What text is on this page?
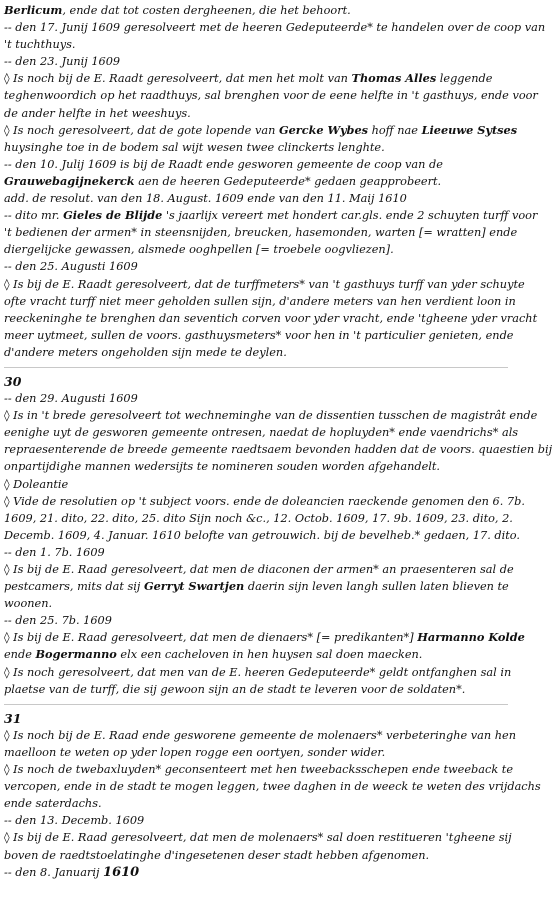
Berlicum, ende dat tot costen dergheenen, die het behoort.
-- den 17. Junij 1609 geresolveert met de heeren Gedeputeerde* te handelen over de coop van
't tuchthuys.
-- den 23. Junij 1609
◊ Is noch bij de E. Raadt geresolveert, dat men het molt van Thomas Alles leggende
teghenwoordich op het raadthuys, sal brenghen voor de eene helfte in 't gasthuys, ende voor
de ander helfte in het weeshuys.
◊ Is noch geresolveert, dat de gote lopende van Gercke Wybes hoff nae Lieeuwe Sytses
huysinghe toe in de bodem sal wijt wesen twee clinckerts lenghte.
-- den 10. Julij 1609 is bij de Raadt ende gesworen gemeente de coop van de
Grauwebagijnekerck aen de heeren Gedeputeerde* gedaen geapprobeert.
add. de resolut. van den 18. August. 1609 ende van den 11. Maij 1610
-- dito mr. Gieles de Blijde 's jaarlijx vereert met hondert car.gls. ende 2 schuyten turff voor
't bedienen der armen* in steensnijden, breucken, hasemonden, warten [= wratten] ende
diergelijcke gewassen, alsmede ooghpellen [= troebele oogvliezen].
-- den 25. Augusti 1609
◊ Is bij de E. Raadt geresolveert, dat de turffmeters* van 't gasthuys turff van yder schuyte
ofte vracht turff niet meer geholden sullen sijn, d'andere meters van hen verdient loon in
reeckeninghe te brenghen dan seventich corven voor yder vracht, ende 'tgheene yder vracht
meer uytmeet, sullen de voors. gasthuysmeters* voor hen in 't particulier genieten, ende
d'andere meters ongeholden sijn mede te deylen.
30
-- den 29. Augusti 1609
◊ Is in 't brede geresolveert tot wechneminghe van de dissentien tusschen de magistrât ende
eenighe uyt de gesworen gemeente ontresen, naedat de hopluyden* ende vaendrichs* als
repraesenterende de breede gemeente raedtsaem bevonden hadden dat de voors. quaestien bij
onpartijdighe mannen wedersijts te nomineren souden worden afgehandelt.
◊ Doleantie
◊ Vide de resolutien op 't subject voors. ende de doleancien raeckende genomen den 6. 7b.
1609, 21. dito, 22. dito, 25. dito Sijn noch &c., 12. Octob. 1609, 17. 9b. 1609, 23. dito, 2.
Decemb. 1609, 4. Januar. 1610 belofte van getrouwich. bij de bevelheb.* gedaen, 17. dito.
-- den 1. 7b. 1609
◊ Is bij de E. Raad geresolveert, dat men de diaconen der armen* an praesenteren sal de
pestcamers, mits dat sij Gerryt Swartjen daerin sijn leven langh sullen laten blieven te
woonen.
-- den 25. 7b. 1609
◊ Is bij de E. Raad geresolveert, dat men de dienaers* [= predikanten*] Harmanno Kolde
ende Bogermanno elx een cacheloven in hen huysen sal doen maecken.
◊ Is noch geresolveert, dat men van de E. heeren Gedeputeerde* geldt ontfanghen sal in
plaetse van de turff, die sij gewoon sijn an de stadt te leveren voor de soldaten*.
31
◊ Is noch bij de E. Raad ende gesworene gemeente de molenaers* verbeteringhe van hen
maelloon te weten op yder lopen rogge een oortyen, sonder wider.
◊ Is noch de twebaxluyden* geconsenteert met hen tweebacksschepen ende tweeback te
vercopen, ende in de stadt te mogen leggen, twee daghen in de weeck te weten des vrijdachs
ende saterdachs.
-- den 13. Decemb. 1609
◊ Is bij de E. Raad geresolveert, dat men de molenaers* sal doen restitueren 'tgheene sij
boven de raedtstoelatinghe d'ingesetenen deser stadt hebben afgenomen.
-- den 8. Januarij 1610
